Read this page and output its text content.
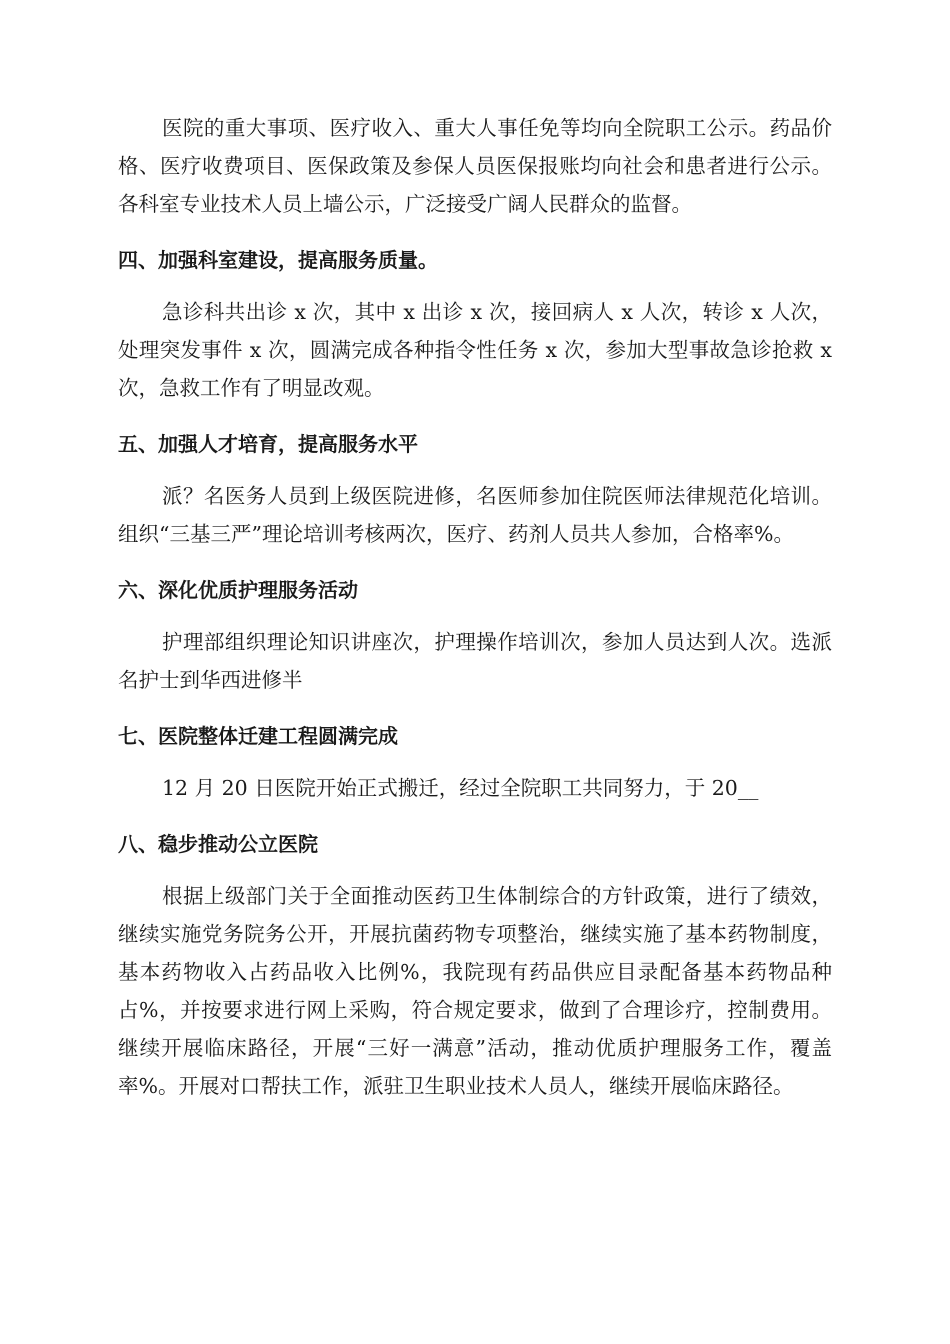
医院的重大事项、医疗收入、重大人事任免等均向全院职工公示。药品价格、医疗收费项目、医保政策及参保人员医保报账均向社会和患者进行公示。各科室专业技术人员上墙公示，广泛接受广阔人民群众的监督。

四、加强科室建设，提高服务质量。

急诊科共出诊 x 次，其中 x 出诊 x 次，接回病人 x 人次，转诊 x 人次，处理突发事件 x 次，圆满完成各种指令性任务 x 次，参加大型事故急诊抢救 x 次，急救工作有了明显改观。

五、加强人才培育，提高服务水平

派？名医务人员到上级医院进修，名医师参加住院医师法律规范化培训。组织“三基三严”理论培训考核两次，医疗、药剂人员共人参加，合格率%。

六、深化优质护理服务活动

护理部组织理论知识讲座次，护理操作培训次，参加人员达到人次。选派名护士到华西进修半

七、医院整体迁建工程圆满完成

12 月 20 日医院开始正式搬迁，经过全院职工共同努力，于 20__

八、稳步推动公立医院

根据上级部门关于全面推动医药卫生体制综合的方针政策，进行了绩效，继续实施党务院务公开，开展抗菌药物专项整治，继续实施了基本药物制度，基本药物收入占药品收入比例%，我院现有药品供应目录配备基本药物品种占%，并按要求进行网上采购，符合规定要求，做到了合理诊疗，控制费用。继续开展临床路径，开展“三好一满意”活动，推动优质护理服务工作，覆盖率%。开展对口帮扶工作，派驻卫生职业技术人员人，继续开展临床路径。
